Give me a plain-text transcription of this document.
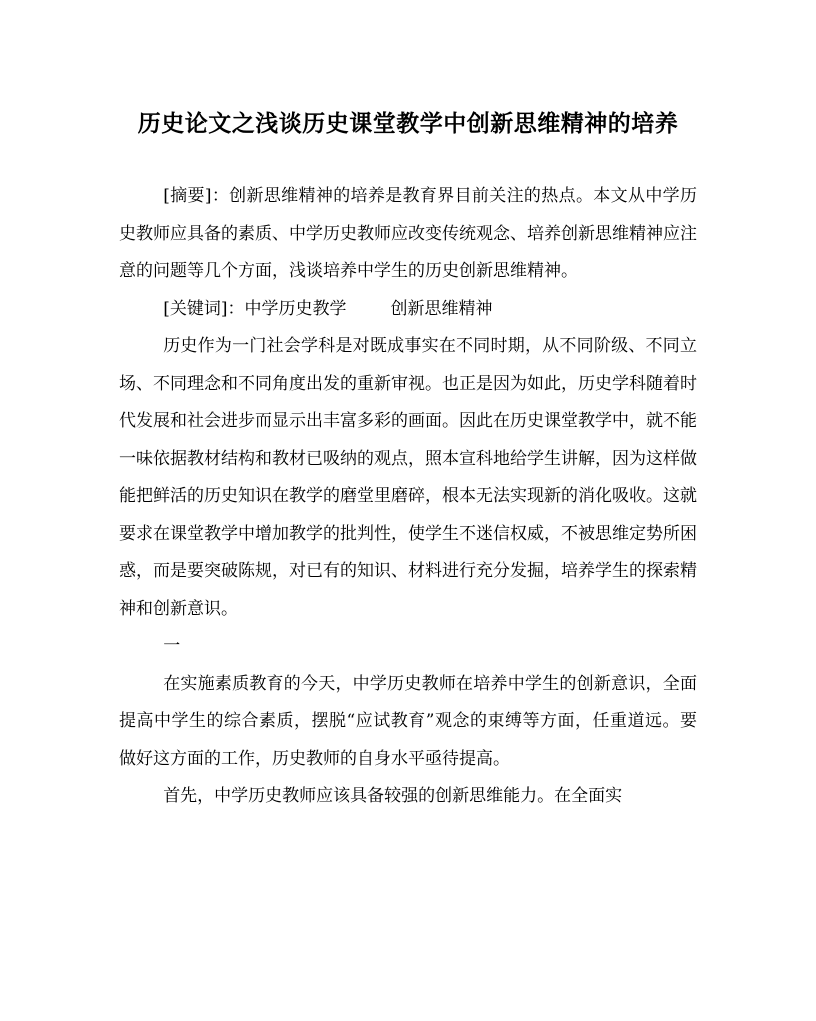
历史论文之浅谈历史课堂教学中创新思维精神的培养

[摘要]：创新思维精神的培养是教育界目前关注的热点。本文从中学历史教师应具备的素质、中学历史教师应改变传统观念、培养创新思维精神应注意的问题等几个方面，浅谈培养中学生的历史创新思维精神。

[关键词]：中学历史教学	创新思维精神

历史作为一门社会学科是对既成事实在不同时期，从不同阶级、不同立场、不同理念和不同角度出发的重新审视。也正是因为如此，历史学科随着时代发展和社会进步而显示出丰富多彩的画面。因此在历史课堂教学中，就不能一味依据教材结构和教材已吸纳的观点，照本宣科地给学生讲解，因为这样做能把鲜活的历史知识在教学的磨堂里磨碎，根本无法实现新的消化吸收。这就要求在课堂教学中增加教学的批判性，使学生不迷信权威，不被思维定势所困惑，而是要突破陈规，对已有的知识、材料进行充分发掘，培养学生的探索精神和创新意识。

一

在实施素质教育的今天，中学历史教师在培养中学生的创新意识，全面提高中学生的综合素质，摆脱“应试教育”观念的束缚等方面，任重道远。要做好这方面的工作，历史教师的自身水平亟待提高。

首先，中学历史教师应该具备较强的创新思维能力。在全面实
